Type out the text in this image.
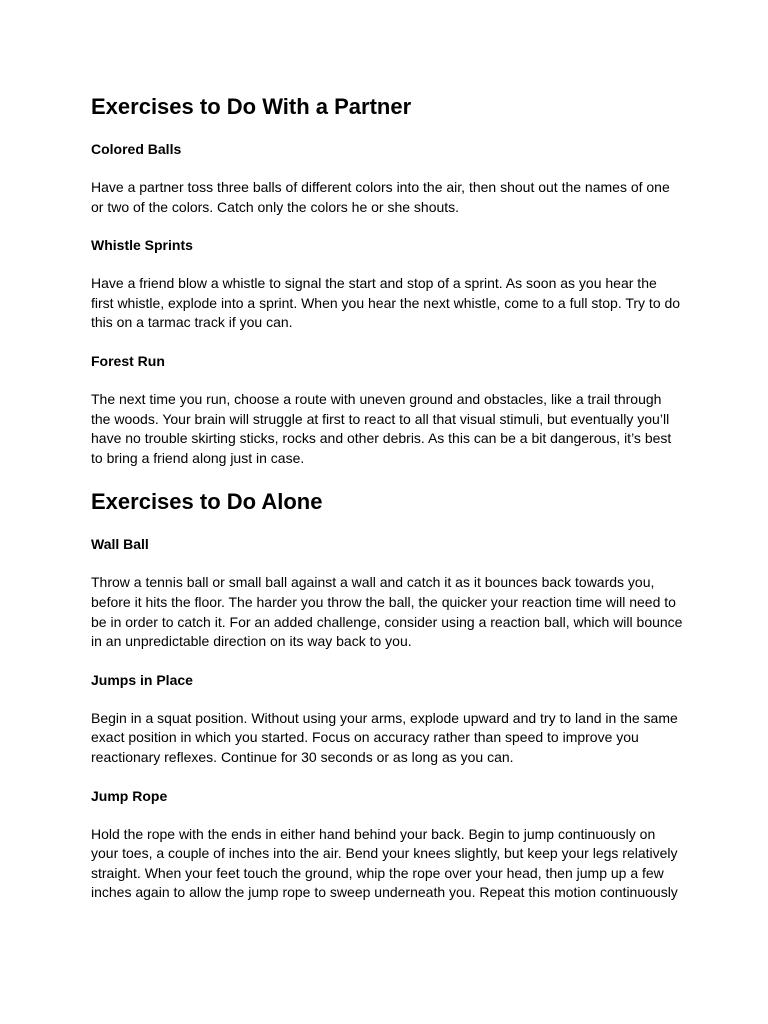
Exercises to Do With a Partner
Colored Balls

Have a partner toss three balls of different colors into the air, then shout out the names of one or two of the colors. Catch only the colors he or she shouts.

Whistle Sprints

Have a friend blow a whistle to signal the start and stop of a sprint. As soon as you hear the first whistle, explode into a sprint. When you hear the next whistle, come to a full stop. Try to do this on a tarmac track if you can.

Forest Run

The next time you run, choose a route with uneven ground and obstacles, like a trail through the woods. Your brain will struggle at first to react to all that visual stimuli, but eventually you’ll have no trouble skirting sticks, rocks and other debris. As this can be a bit dangerous, it’s best to bring a friend along just in case.

Exercises to Do Alone
Wall Ball

Throw a tennis ball or small ball against a wall and catch it as it bounces back towards you, before it hits the floor. The harder you throw the ball, the quicker your reaction time will need to be in order to catch it. For an added challenge, consider using a reaction ball, which will bounce in an unpredictable direction on its way back to you.

Jumps in Place

Begin in a squat position. Without using your arms, explode upward and try to land in the same exact position in which you started. Focus on accuracy rather than speed to improve you reactionary reflexes. Continue for 30 seconds or as long as you can.

Jump Rope

Hold the rope with the ends in either hand behind your back. Begin to jump continuously on your toes, a couple of inches into the air. Bend your knees slightly, but keep your legs relatively straight. When your feet touch the ground, whip the rope over your head, then jump up a few inches again to allow the jump rope to sweep underneath you. Repeat this motion continuously
